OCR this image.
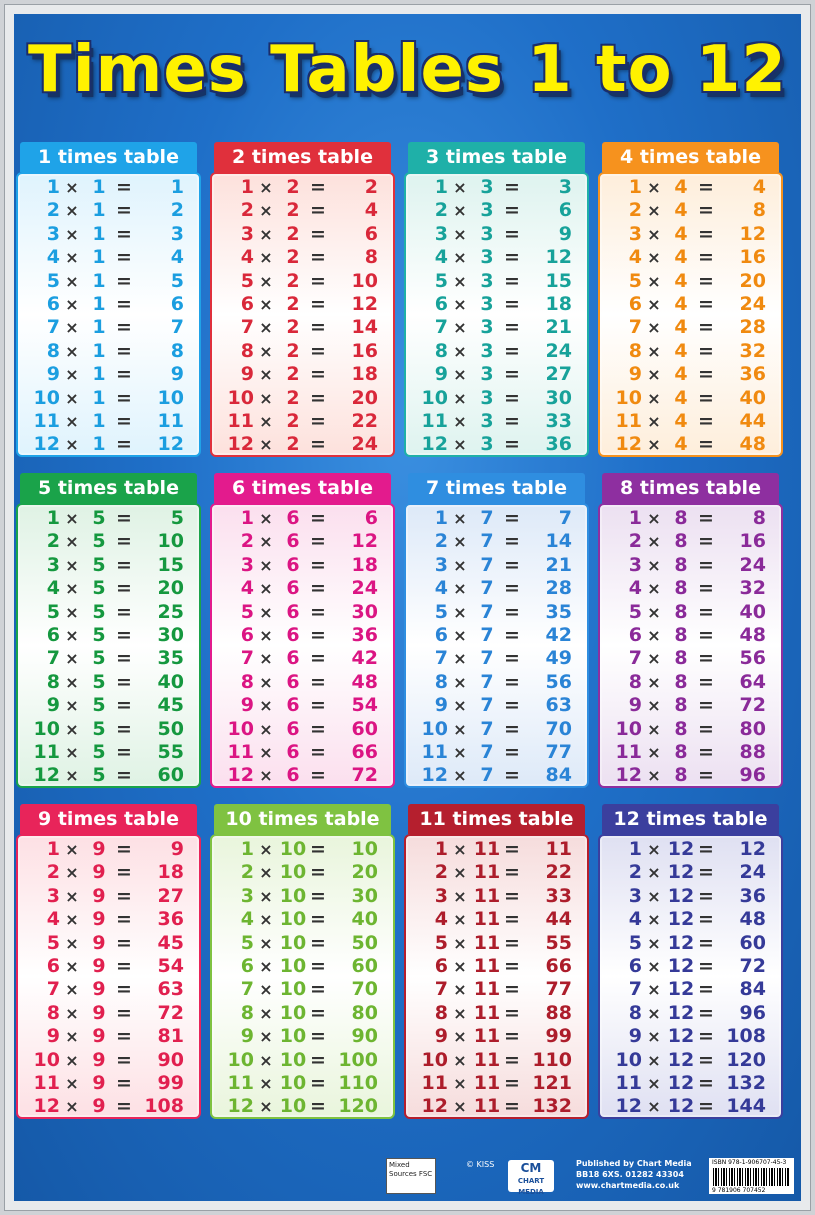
Times Tables 1 to 12
1 times table
1 × 1 =	1
2 × 1 =	2
3 × 1 =	3
4 × 1 =	4
5 × 1 =	5
6 × 1 =	6
7 × 1 =	7
8 × 1 =	8
9 × 1 =	9
10 × 1 =	10
11 × 1 =	11
12 × 1 =	12
2 times table
1 × 2 =	2
2 × 2 =	4
3 × 2 =	6
4 × 2 =	8
5 × 2 =	10
6 × 2 =	12
7 × 2 =	14
8 × 2 =	16
9 × 2 =	18
10 × 2 =	20
11 × 2 =	22
12 × 2 =	24
3 times table
1 × 3 =	3
2 × 3 =	6
3 × 3 =	9
4 × 3 =	12
5 × 3 =	15
6 × 3 =	18
7 × 3 =	21
8 × 3 =	24
9 × 3 =	27
10 × 3 =	30
11 × 3 =	33
12 × 3 =	36
4 times table
1 × 4 =	4
2 × 4 =	8
3 × 4 =	12
4 × 4 =	16
5 × 4 =	20
6 × 4 =	24
7 × 4 =	28
8 × 4 =	32
9 × 4 =	36
10 × 4 =	40
11 × 4 =	44
12 × 4 =	48
5 times table
1 × 5 =	5
2 × 5 =	10
3 × 5 =	15
4 × 5 =	20
5 × 5 =	25
6 × 5 =	30
7 × 5 =	35
8 × 5 =	40
9 × 5 =	45
10 × 5 =	50
11 × 5 =	55
12 × 5 =	60
6 times table
1 × 6 =	6
2 × 6 =	12
3 × 6 =	18
4 × 6 =	24
5 × 6 =	30
6 × 6 =	36
7 × 6 =	42
8 × 6 =	48
9 × 6 =	54
10 × 6 =	60
11 × 6 =	66
12 × 6 =	72
7 times table
1 × 7 =	7
2 × 7 =	14
3 × 7 =	21
4 × 7 =	28
5 × 7 =	35
6 × 7 =	42
7 × 7 =	49
8 × 7 =	56
9 × 7 =	63
10 × 7 =	70
11 × 7 =	77
12 × 7 =	84
8 times table
1 × 8 =	8
2 × 8 =	16
3 × 8 =	24
4 × 8 =	32
5 × 8 =	40
6 × 8 =	48
7 × 8 =	56
8 × 8 =	64
9 × 8 =	72
10 × 8 =	80
11 × 8 =	88
12 × 8 =	96
9 times table
1 × 9 =	9
2 × 9 =	18
3 × 9 =	27
4 × 9 =	36
5 × 9 =	45
6 × 9 =	54
7 × 9 =	63
8 × 9 =	72
9 × 9 =	81
10 × 9 =	90
11 × 9 =	99
12 × 9 = 108
10 times table
1 × 10 =	10
2 × 10 =	20
3 × 10 =	30
4 × 10 =	40
5 × 10 =	50
6 × 10 =	60
7 × 10 =	70
8 × 10 =	80
9 × 10 =	90
10 × 10 = 100
11 × 10 = 110
12 × 10 = 120
11 times table
1 × 11 =	11
2 × 11 =	22
3 × 11 =	33
4 × 11 =	44
5 × 11 =	55
6 × 11 =	66
7 × 11 =	77
8 × 11 =	88
9 × 11 =	99
10 × 11 = 110
11 × 11 = 121
12 × 11 = 132
12 times table
1 × 12 =	12
2 × 12 =	24
3 × 12 =	36
4 × 12 =	48
5 × 12 =	60
6 × 12 =	72
7 × 12 =	84
8 × 12 =	96
9 × 12 = 108
10 × 12 = 120
11 × 12 = 132
12 × 12 = 144
Mixed Sources FSC
© KISS	CM
CHART MEDIA
Published by Chart Media
BB18 6XS. 01282 43304
www.chartmedia.co.uk
ISBN 978-1-906707-45-3
9 781906 707452
